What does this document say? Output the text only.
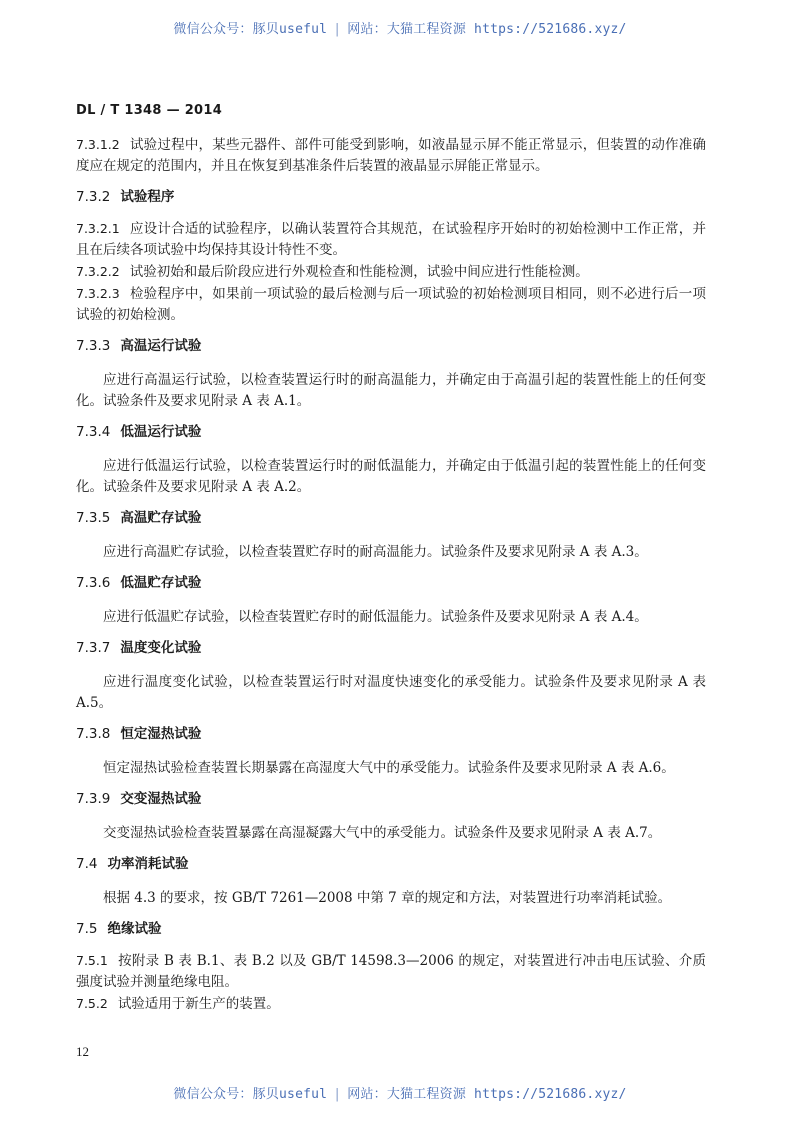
微信公众号：豚贝useful | 网站：大猫工程资源 https://521686.xyz/
DL / T 1348 — 2014

7.3.1.2 试验过程中，某些元器件、部件可能受到影响，如液晶显示屏不能正常显示，但装置的动作准确度应在规定的范围内，并且在恢复到基准条件后装置的液晶显示屏能正常显示。

7.3.2 试验程序

7.3.2.1 应设计合适的试验程序，以确认装置符合其规范，在试验程序开始时的初始检测中工作正常，并且在后续各项试验中均保持其设计特性不变。

7.3.2.2 试验初始和最后阶段应进行外观检查和性能检测，试验中间应进行性能检测。

7.3.2.3 检验程序中，如果前一项试验的最后检测与后一项试验的初始检测项目相同，则不必进行后一项试验的初始检测。

7.3.3 高温运行试验

应进行高温运行试验，以检查装置运行时的耐高温能力，并确定由于高温引起的装置性能上的任何变化。试验条件及要求见附录 A 表 A.1。

7.3.4 低温运行试验

应进行低温运行试验，以检查装置运行时的耐低温能力，并确定由于低温引起的装置性能上的任何变化。试验条件及要求见附录 A 表 A.2。

7.3.5 高温贮存试验

应进行高温贮存试验，以检查装置贮存时的耐高温能力。试验条件及要求见附录 A 表 A.3。

7.3.6 低温贮存试验

应进行低温贮存试验，以检查装置贮存时的耐低温能力。试验条件及要求见附录 A 表 A.4。

7.3.7 温度变化试验

应进行温度变化试验，以检查装置运行时对温度快速变化的承受能力。试验条件及要求见附录 A 表 A.5。

7.3.8 恒定湿热试验

恒定湿热试验检查装置长期暴露在高湿度大气中的承受能力。试验条件及要求见附录 A 表 A.6。

7.3.9 交变湿热试验

交变湿热试验检查装置暴露在高湿凝露大气中的承受能力。试验条件及要求见附录 A 表 A.7。

7.4 功率消耗试验

根据 4.3 的要求，按 GB/T 7261—2008 中第 7 章的规定和方法，对装置进行功率消耗试验。

7.5 绝缘试验

7.5.1 按附录 B 表 B.1、表 B.2 以及 GB/T 14598.3—2006 的规定，对装置进行冲击电压试验、介质强度试验并测量绝缘电阻。

7.5.2 试验适用于新生产的装置。

12
微信公众号：豚贝useful | 网站：大猫工程资源 https://521686.xyz/
